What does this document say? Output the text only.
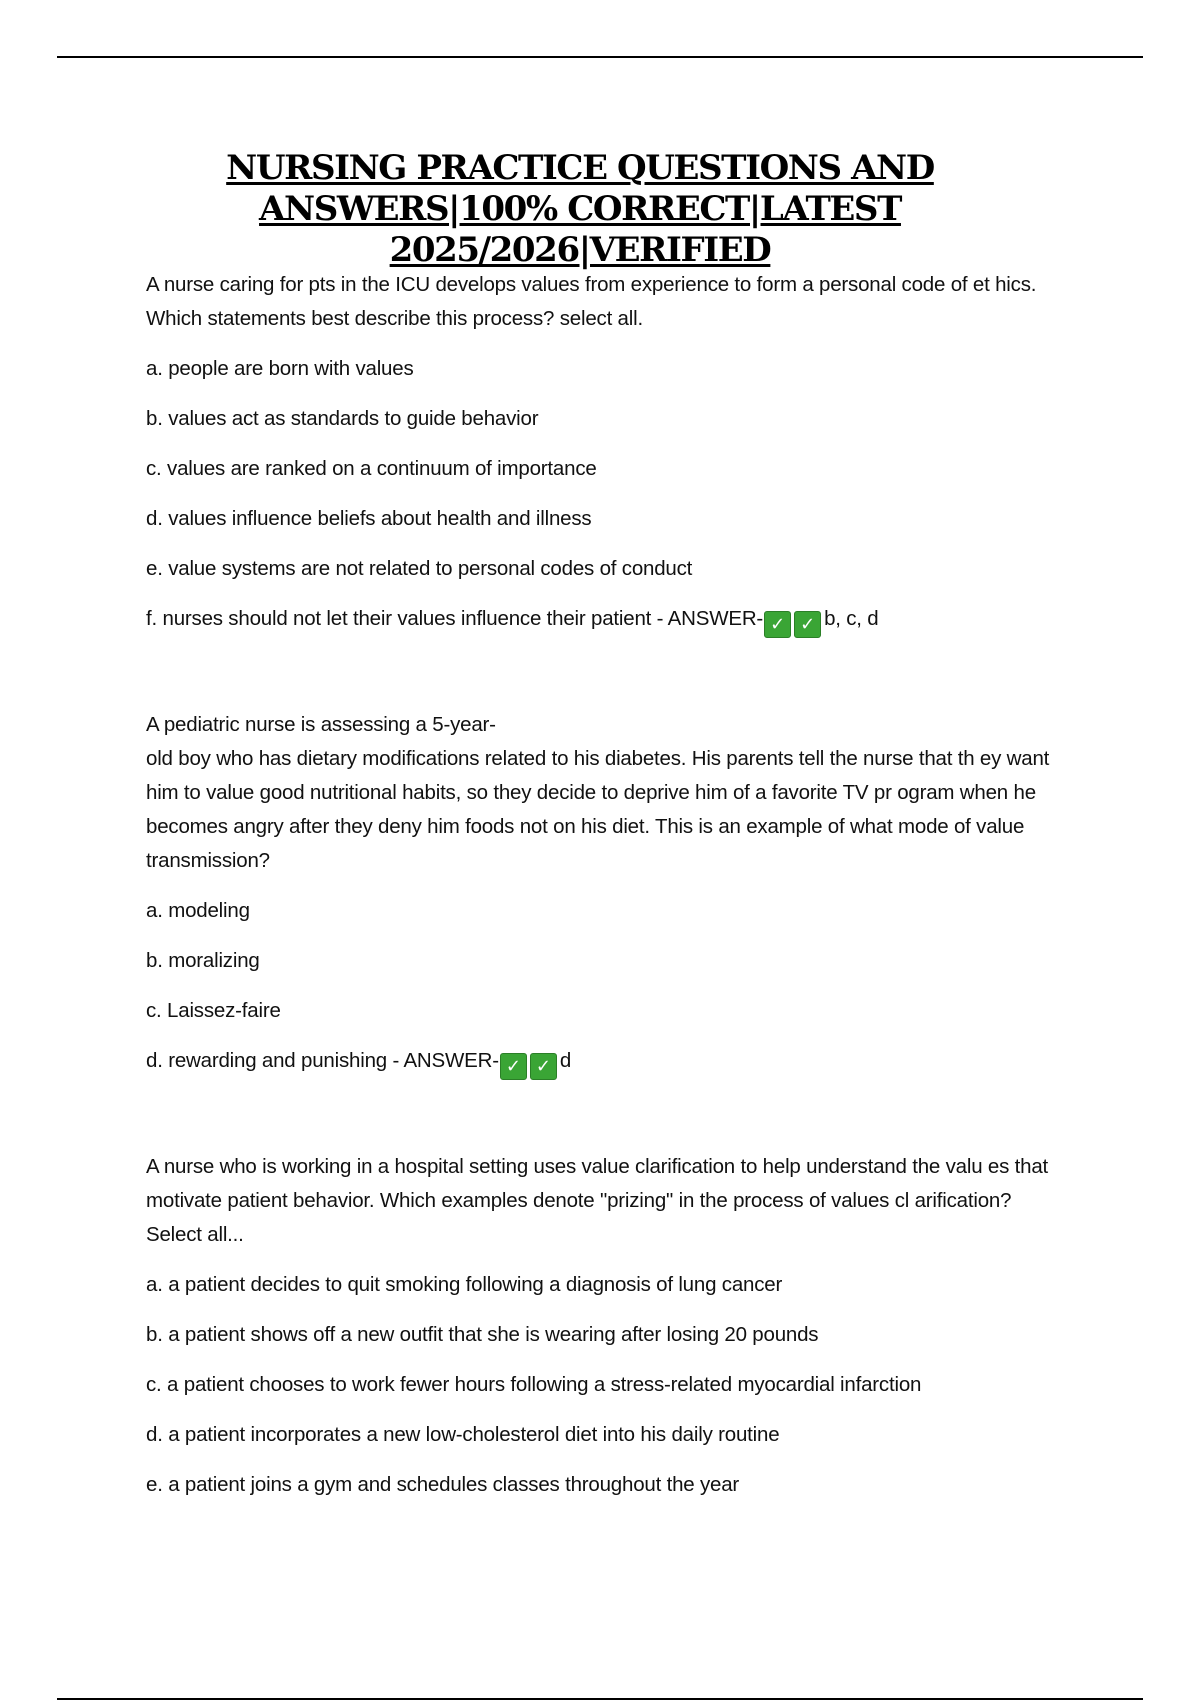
NURSING PRACTICE QUESTIONS AND
ANSWERS|100% CORRECT|LATEST
2025/2026|VERIFIED

A nurse caring for pts in the ICU develops values from experience to form a personal code of et hics. Which statements best describe this process? select all.

a. people are born with values

b. values act as standards to guide behavior

c. values are ranked on a continuum of importance

d. values influence beliefs about health and illness

e. value systems are not related to personal codes of conduct

f. nurses should not let their values influence their patient - ANSWER- ✓ ✓ b, c, d

A pediatric nurse is assessing a 5-year-
old boy who has dietary modifications related to his diabetes. His parents tell the nurse that th ey want him to value good nutritional habits, so they decide to deprive him of a favorite TV pr ogram when he becomes angry after they deny him foods not on his diet. This is an example of what mode of value transmission?

a. modeling

b. moralizing

c. Laissez-faire

d. rewarding and punishing - ANSWER- ✓ ✓ d

A nurse who is working in a hospital setting uses value clarification to help understand the valu es that motivate patient behavior. Which examples denote "prizing" in the process of values cl arification? Select all...

a. a patient decides to quit smoking following a diagnosis of lung cancer

b. a patient shows off a new outfit that she is wearing after losing 20 pounds

c. a patient chooses to work fewer hours following a stress-related myocardial infarction

d. a patient incorporates a new low-cholesterol diet into his daily routine

e. a patient joins a gym and schedules classes throughout the year
